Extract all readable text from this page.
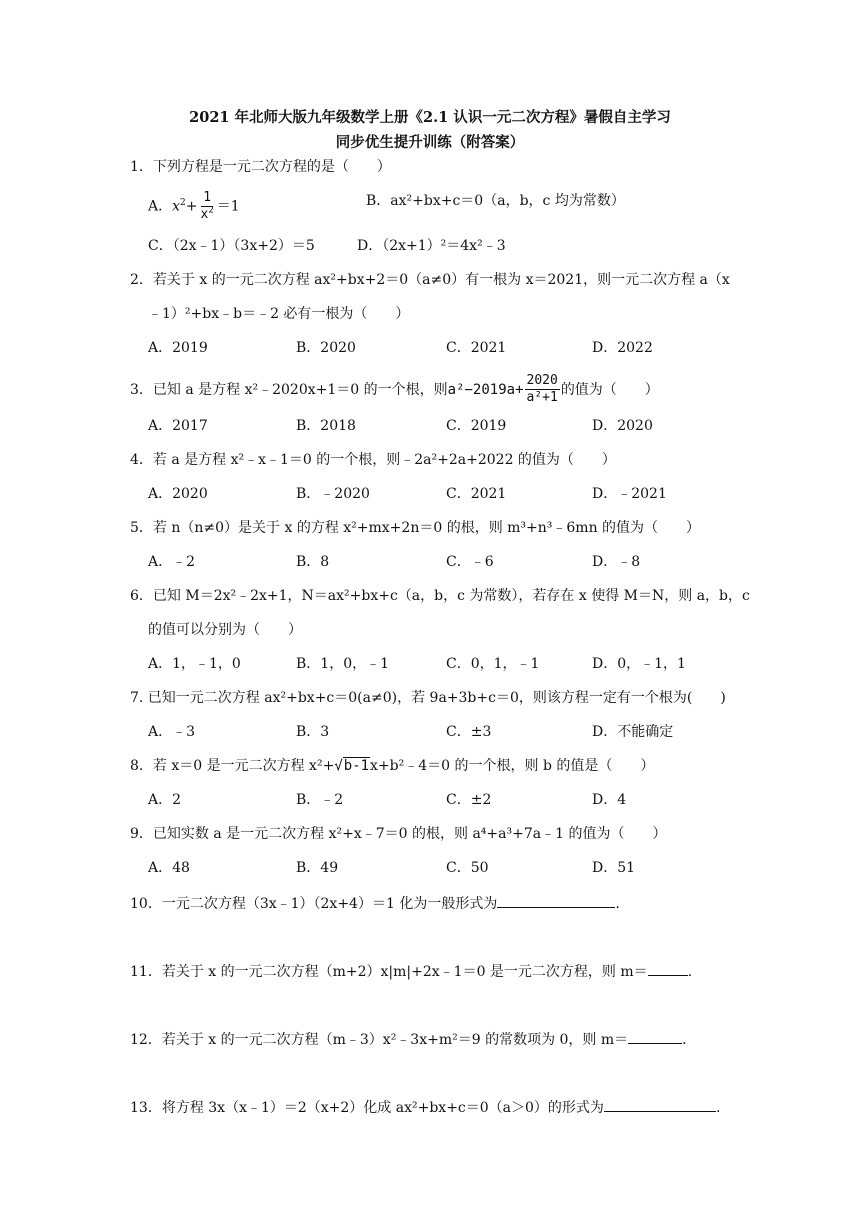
2021 年北师大版九年级数学上册《2.1 认识一元二次方程》暑假自主学习
同步优生提升训练（附答案）
1．下列方程是一元二次方程的是（　　）
A．$x^2+ \frac{1}{x^2} =1$	B．ax²+bx+c＝0（a，b，c 均为常数）
C．（2x﹣1）（3x+2）＝5	D．（2x+1）²＝4x²﹣3
2．若关于 x 的一元二次方程 ax²+bx+2＝0（a≠0）有一根为 x＝2021，则一元二次方程 a（x
﹣1）²+bx﹣b＝﹣2 必有一根为（　　）
A．2019	B．2020	C．2021	D．2022
3．已知 a 是方程 x²﹣2020x+1＝0 的一个根，则 $a^2-2019a+ \frac{2020}{\text{a²+1}}$ 的值为（　　）
A．2017	B．2018	C．2019	D．2020
4．若 a 是方程 x²﹣x﹣1＝0 的一个根，则﹣2a²+2a+2022 的值为（　　）
A．2020	B．﹣2020	C．2021	D．﹣2021
5．若 n（n≠0）是关于 x 的方程 x²+mx+2n＝0 的根，则 m³+n³﹣6mn 的值为（　　）
A．﹣2	B．8	C．﹣6	D．﹣8
6．已知 M＝2x²﹣2x+1，N＝ax²+bx+c（a，b，c 为常数），若存在 x 使得 M＝N，则 a，b，c
的值可以分别为（　　）
A．1，﹣1，0	B．1，0，﹣1	C．0，1，﹣1	D．0，﹣1，1
7. 已知一元二次方程 ax²+bx+c＝0(a≠0)，若 9a+3b+c＝0，则该方程一定有一个根为(　　)
A．﹣3	B．3	C．±3	D．不能确定
8．若 x＝0 是一元二次方程 x²+√b-1x+b²﹣4＝0 的一个根，则 b 的值是（　　）
A．2	B．﹣2	C．±2	D．4
9．已知实数 a 是一元二次方程 x²+x﹣7＝0 的根，则 a⁴+a³+7a﹣1 的值为（　　）
A．48	B．49	C．50	D．51
10．一元二次方程（3x﹣1）（2x+4）＝1 化为一般形式为	.
11．若关于 x 的一元二次方程（m+2）x|m|+2x﹣1＝0 是一元二次方程，则 m＝	.
12．若关于 x 的一元二次方程（m﹣3）x²﹣3x+m²＝9 的常数项为 0，则 m＝	.
13．将方程 3x（x﹣1）＝2（x+2）化成 ax²+bx+c＝0（a＞0）的形式为	.
